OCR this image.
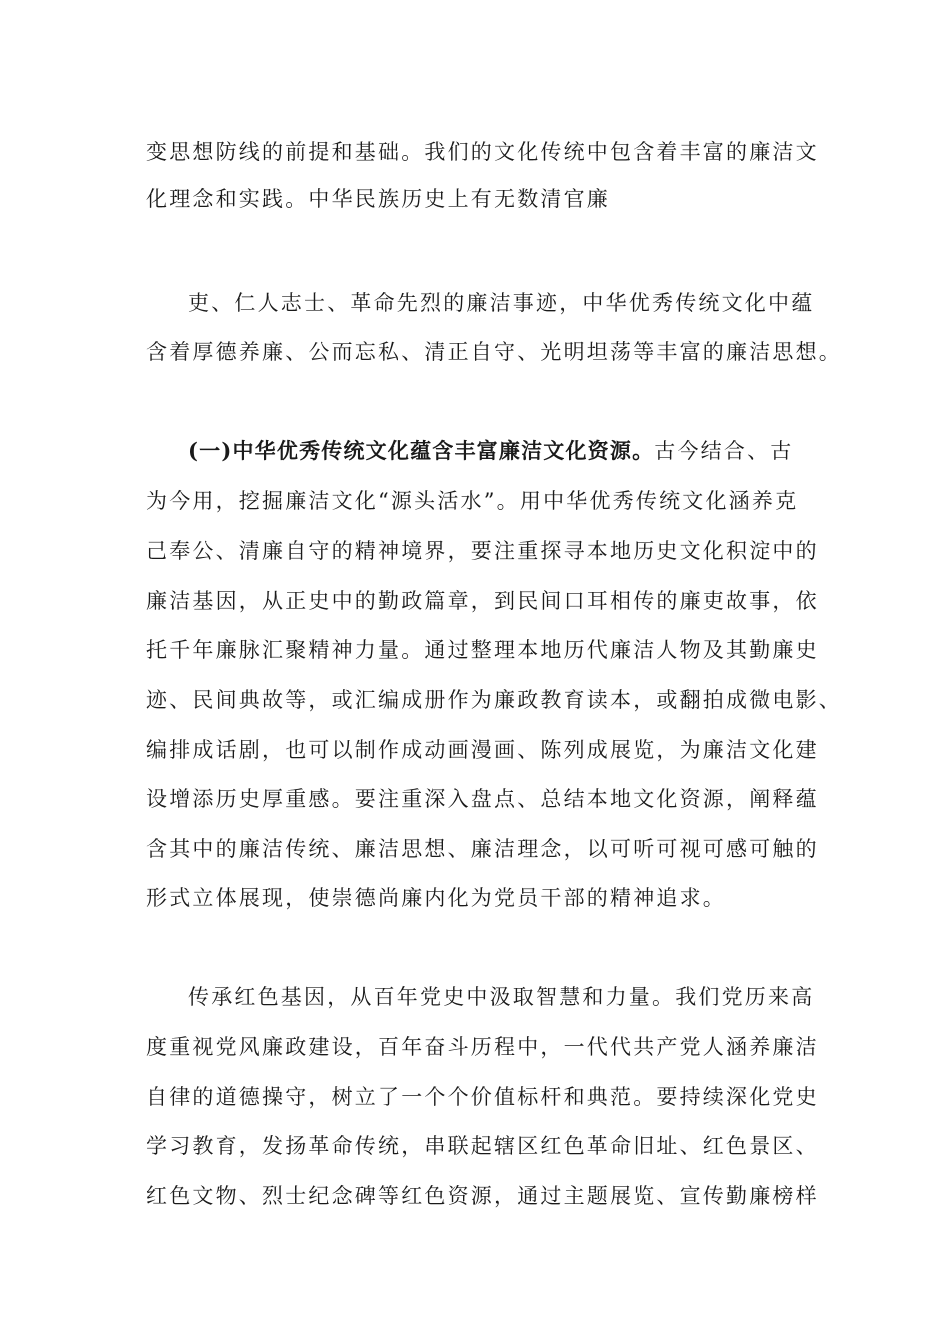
变思想防线的前提和基础。我们的文化传统中包含着丰富的廉洁文
化理念和实践。中华民族历史上有无数清官廉
吏、仁人志士、革命先烈的廉洁事迹，中华优秀传统文化中蕴
含着厚德养廉、公而忘私、清正自守、光明坦荡等丰富的廉洁思想。
(一)中华优秀传统文化蕴含丰富廉洁文化资源。古今结合、古
为今用，挖掘廉洁文化“源头活水”。用中华优秀传统文化涵养克
己奉公、清廉自守的精神境界，要注重探寻本地历史文化积淀中的
廉洁基因，从正史中的勤政篇章，到民间口耳相传的廉吏故事，依
托千年廉脉汇聚精神力量。通过整理本地历代廉洁人物及其勤廉史
迹、民间典故等，或汇编成册作为廉政教育读本，或翻拍成微电影、
编排成话剧，也可以制作成动画漫画、陈列成展览，为廉洁文化建
设增添历史厚重感。要注重深入盘点、总结本地文化资源，阐释蕴
含其中的廉洁传统、廉洁思想、廉洁理念，以可听可视可感可触的
形式立体展现，使崇德尚廉内化为党员干部的精神追求。
传承红色基因，从百年党史中汲取智慧和力量。我们党历来高
度重视党风廉政建设，百年奋斗历程中，一代代共产党人涵养廉洁
自律的道德操守，树立了一个个价值标杆和典范。要持续深化党史
学习教育，发扬革命传统，串联起辖区红色革命旧址、红色景区、
红色文物、烈士纪念碑等红色资源，通过主题展览、宣传勤廉榜样
